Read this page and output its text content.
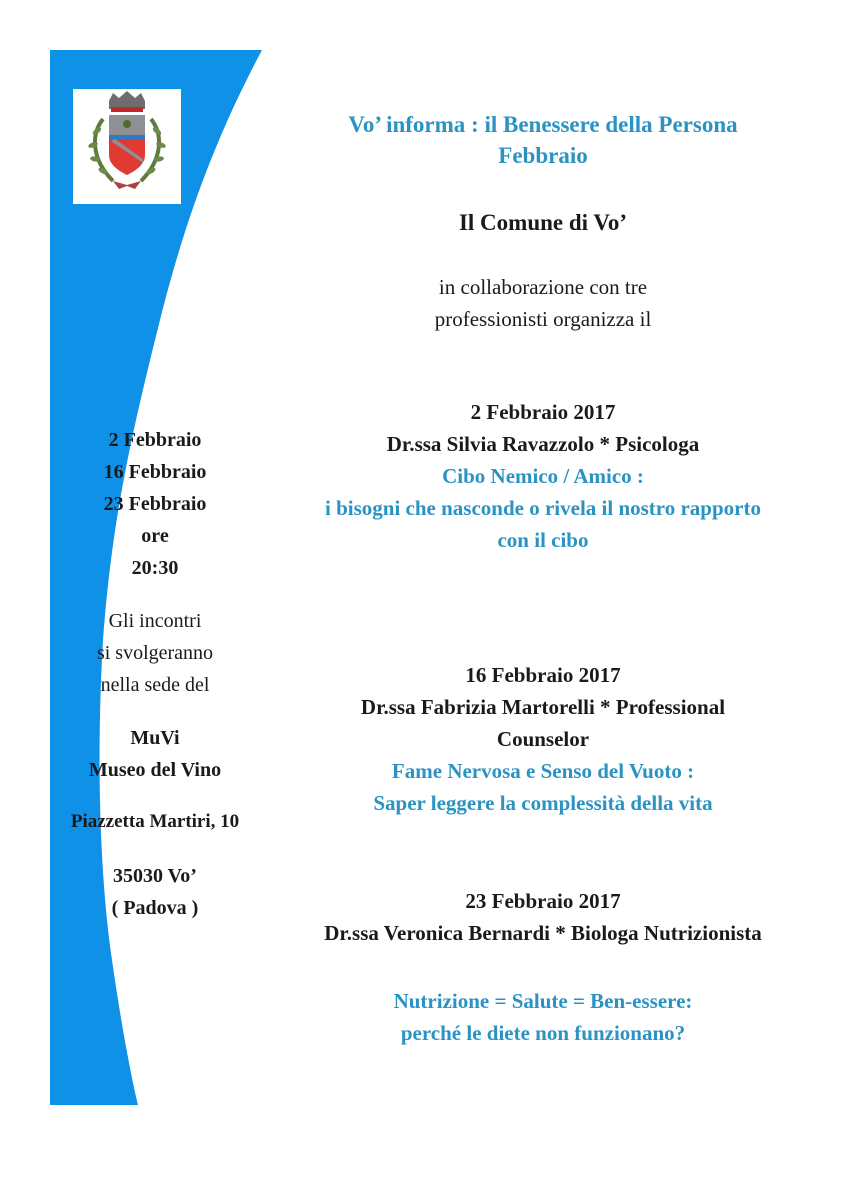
2 Febbraio
16 Febbraio
23 Febbraio
ore
20:30
Gli incontri
si svolgeranno
nella sede del
MuVi
Museo del Vino
Piazzetta Martiri, 10
35030 Vo’
( Padova )
Vo’ informa : il Benessere della Persona
Febbraio
Il Comune di Vo’
in collaborazione con tre
professionisti organizza il
2 Febbraio 2017
Dr.ssa Silvia Ravazzolo * Psicologa
Cibo Nemico / Amico :
i bisogni che nasconde o rivela il nostro rapporto
con il cibo
16 Febbraio 2017
Dr.ssa Fabrizia Martorelli * Professional
Counselor
Fame Nervosa e Senso del Vuoto :
Saper leggere la complessità della vita
23 Febbraio 2017
Dr.ssa Veronica Bernardi * Biologa Nutrizionista
Nutrizione = Salute = Ben-essere:
perché le diete non funzionano?
